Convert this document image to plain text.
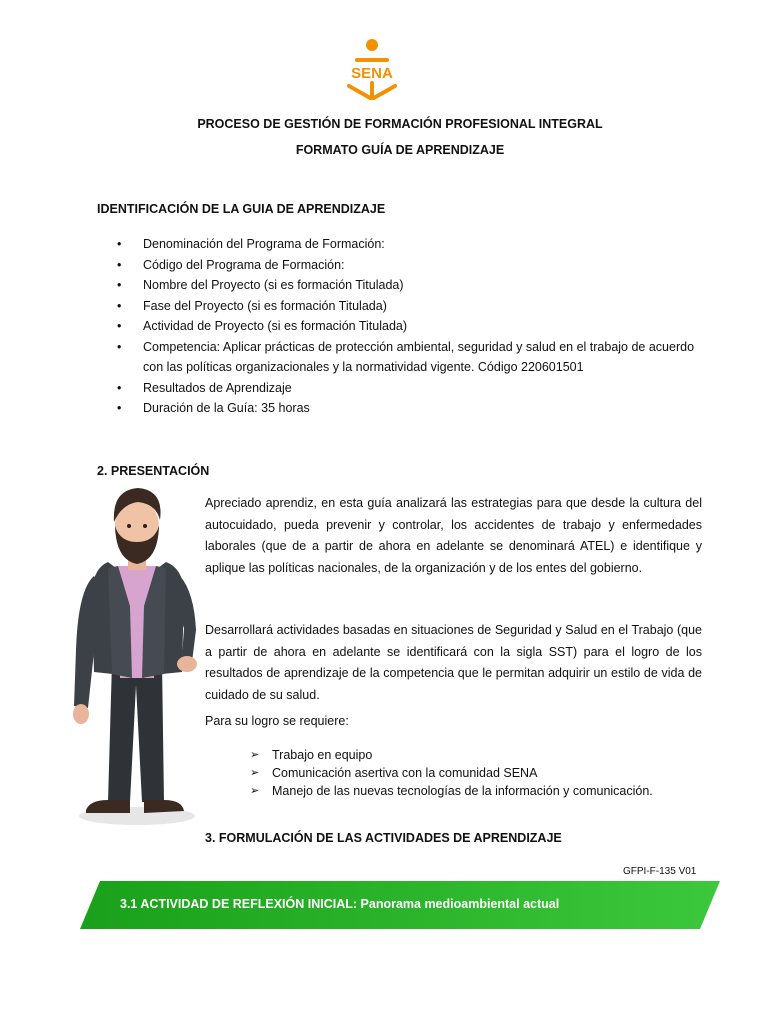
SENA
PROCESO DE GESTIÓN DE FORMACIÓN PROFESIONAL INTEGRAL
FORMATO GUÍA DE APRENDIZAJE
IDENTIFICACIÓN DE LA GUIA DE APRENDIZAJE
• Denominación del Programa de Formación:
• Código del Programa de Formación:
• Nombre del Proyecto (si es formación Titulada)
• Fase del Proyecto (si es formación Titulada)
• Actividad de Proyecto (si es formación Titulada)
• Competencia: Aplicar prácticas de protección ambiental, seguridad y salud en el trabajo de acuerdo con las políticas organizacionales y la normatividad vigente. Código 220601501
• Resultados de Aprendizaje
• Duración de la Guía: 35 horas
2. PRESENTACIÓN

Apreciado aprendiz, en esta guía analizará las estrategias para que desde la cultura del autocuidado, pueda prevenir y controlar, los accidentes de trabajo y enfermedades laborales (que de a partir de ahora en adelante se denominará ATEL) e identifique y aplique las políticas nacionales, de la organización y de los entes del gobierno.

Desarrollará actividades basadas en situaciones de Seguridad y Salud en el Trabajo (que a partir de ahora en adelante se identificará con la sigla SST) para el logro de los resultados de aprendizaje de la competencia que le permitan adquirir un estilo de vida de cuidado de su salud.

Para su logro se requiere:

➢ Trabajo en equipo
➢ Comunicación asertiva con la comunidad SENA
➢ Manejo de las nuevas tecnologías de la información y comunicación.
3. FORMULACIÓN DE LAS ACTIVIDADES DE APRENDIZAJE
GFPI-F-135 V01
3.1 ACTIVIDAD DE REFLEXIÓN INICIAL: Panorama medioambiental actual
